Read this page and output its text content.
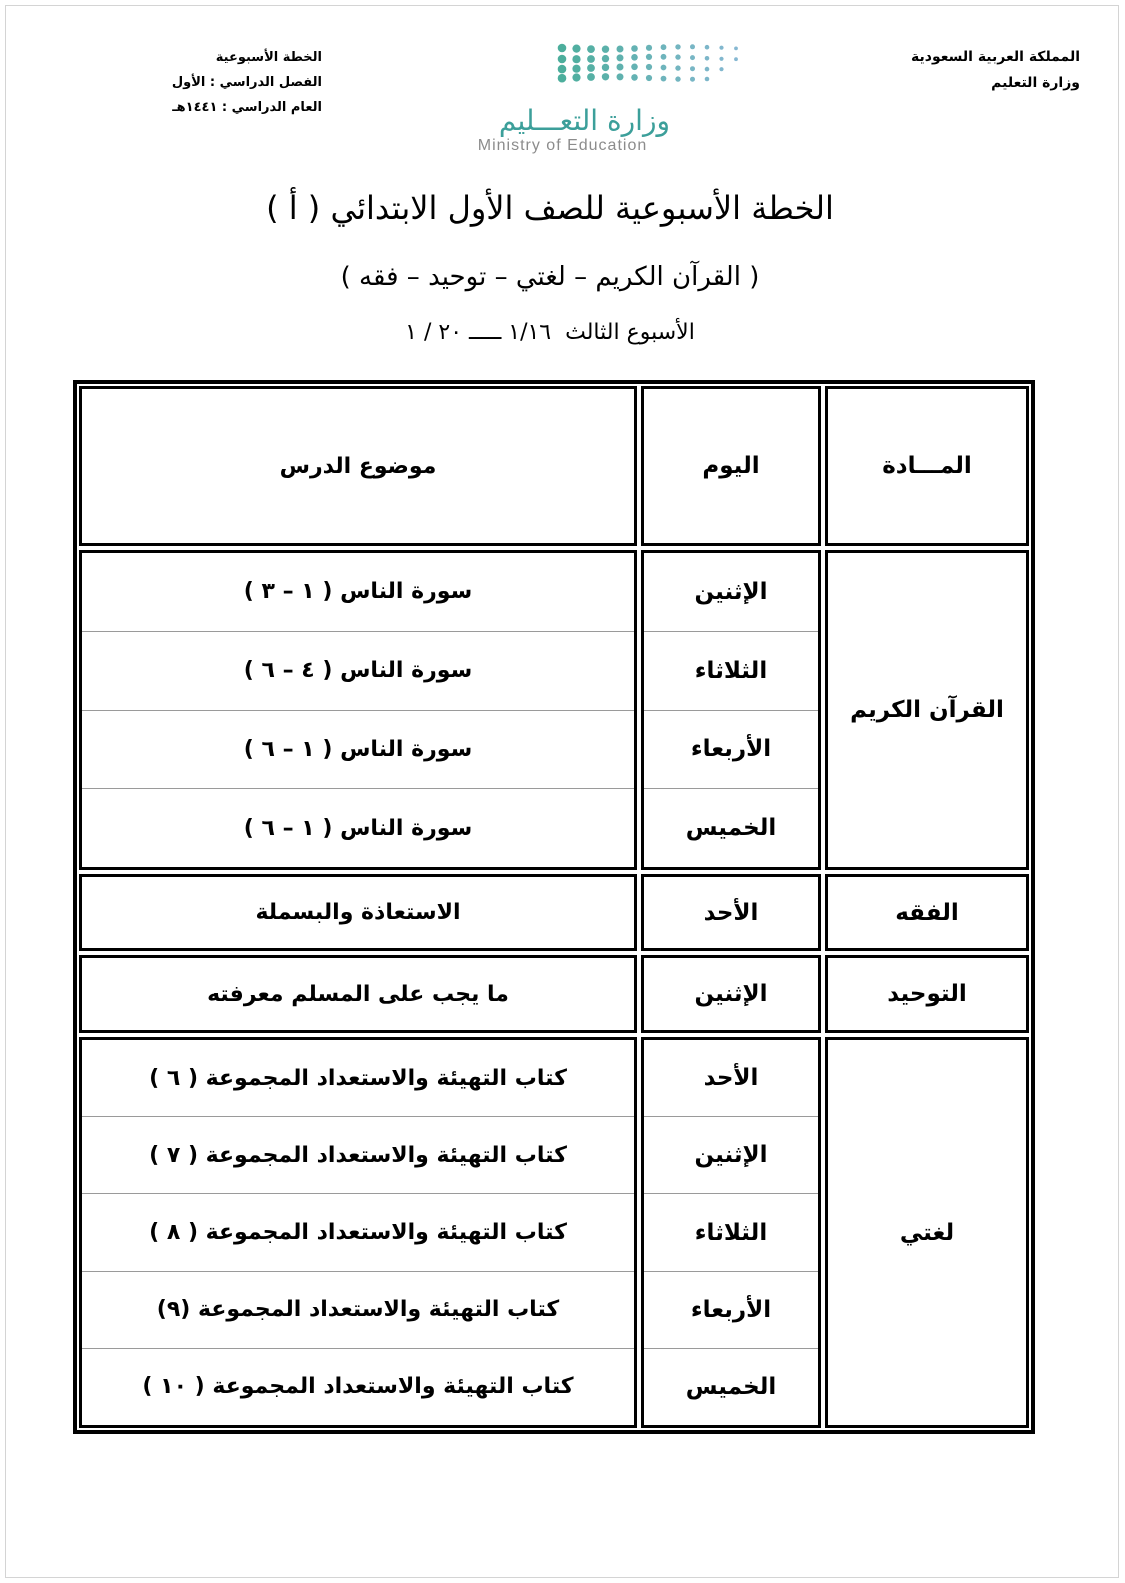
المملكة العربية السعودية
وزارة التعليم
الخطة الأسبوعية
الفصل الدراسي : الأول
العام الدراسي : ١٤٤١هـ	وزارة التعـــليم
Ministry of Education
الخطة الأسبوعية للصف الأول الابتدائي ( أ )
( القرآن الكريم – لغتي – توحيد – فقه )
الأسبوع الثالث  ١/١٦ ـــــ ٢٠ / ١
المـــادة
اليوم
موضوع الدرس
القرآن الكريم
الإثنين
الثلاثاء
الأربعاء
الخميس
سورة الناس ( ١ – ٣ )
سورة الناس ( ٤ – ٦ )
سورة الناس ( ١ – ٦ )
سورة الناس ( ١ – ٦ )
الفقه
الأحد
الاستعاذة والبسملة
التوحيد
الإثنين
ما يجب على المسلم معرفته
لغتي
الأحد
الإثنين
الثلاثاء
الأربعاء
الخميس
كتاب التهيئة والاستعداد المجموعة ( ٦ )
كتاب التهيئة والاستعداد المجموعة ( ٧ )
كتاب التهيئة والاستعداد المجموعة ( ٨ )
كتاب التهيئة والاستعداد المجموعة (٩)
كتاب التهيئة والاستعداد المجموعة ( ١٠ )
